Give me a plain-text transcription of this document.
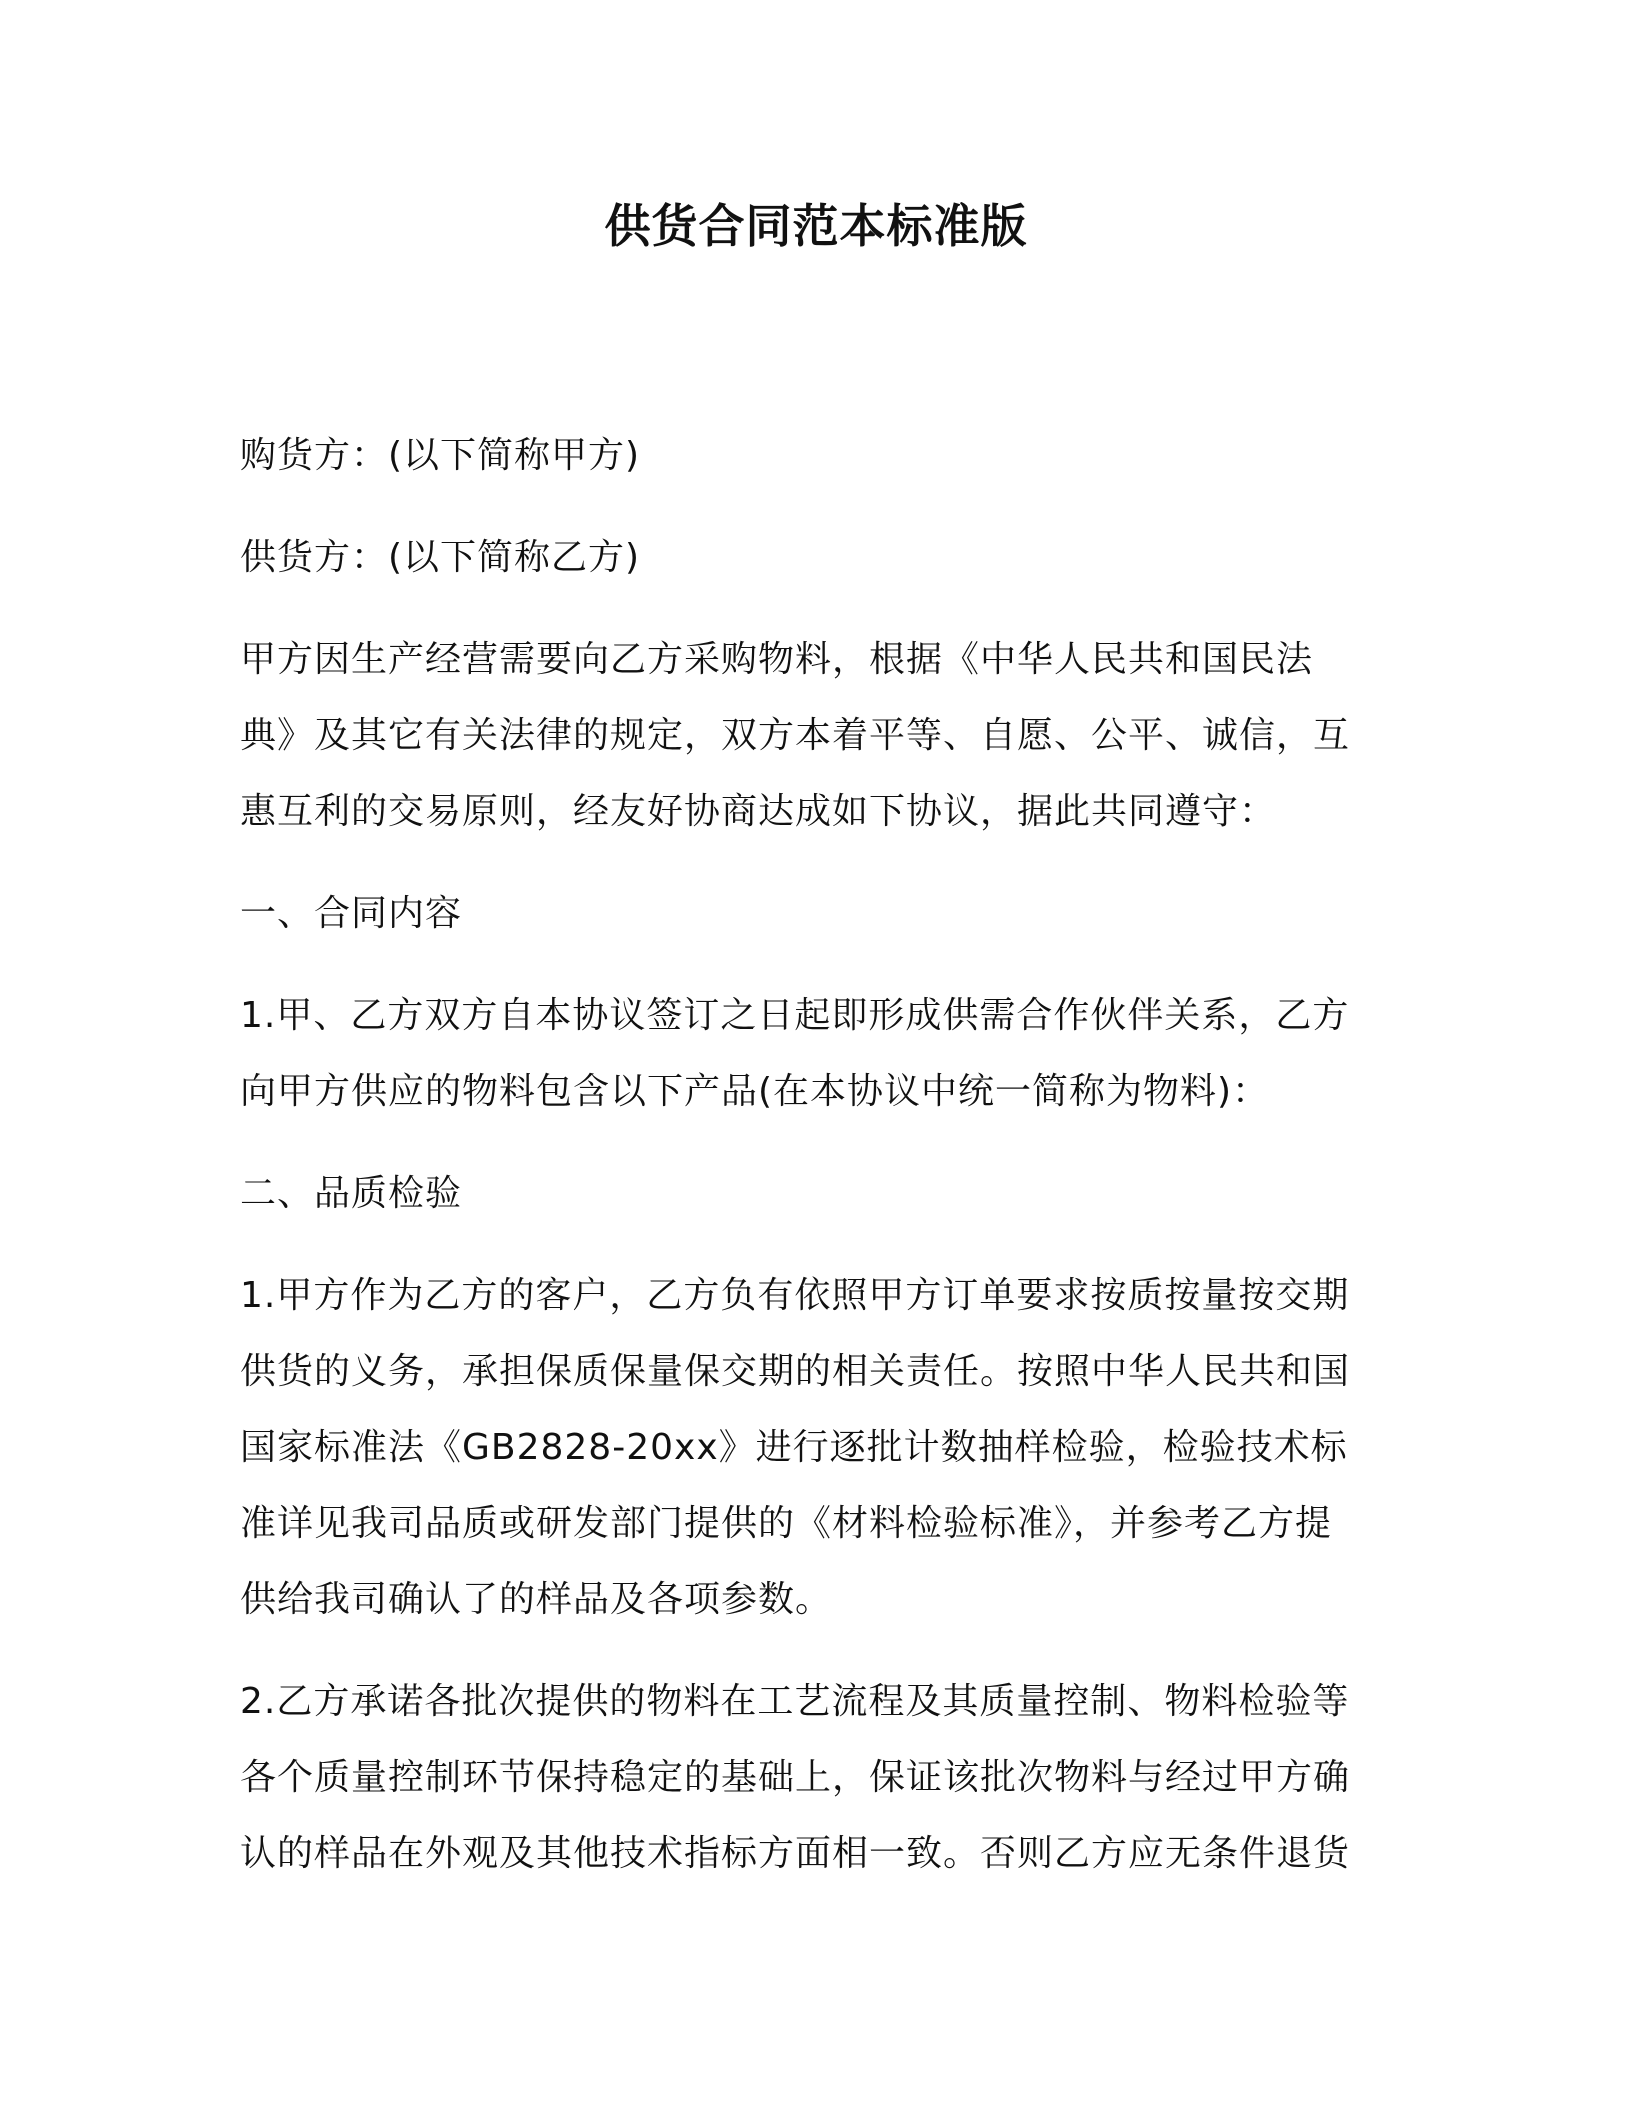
供货合同范本标准版

购货方：(以下简称甲方)

供货方：(以下简称乙方)

甲方因生产经营需要向乙方采购物料，根据《中华人民共和国民法典》及其它有关法律的规定，双方本着平等、自愿、公平、诚信，互惠互利的交易原则，经友好协商达成如下协议，据此共同遵守：

一、合同内容

1.甲、乙方双方自本协议签订之日起即形成供需合作伙伴关系，乙方向甲方供应的物料包含以下产品(在本协议中统一简称为物料)：

二、品质检验

1.甲方作为乙方的客户，乙方负有依照甲方订单要求按质按量按交期供货的义务，承担保质保量保交期的相关责任。按照中华人民共和国国家标准法《GB2828-20xx》进行逐批计数抽样检验，检验技术标准详见我司品质或研发部门提供的《材料检验标准》，并参考乙方提供给我司确认了的样品及各项参数。

2.乙方承诺各批次提供的物料在工艺流程及其质量控制、物料检验等各个质量控制环节保持稳定的基础上，保证该批次物料与经过甲方确认的样品在外观及其他技术指标方面相一致。否则乙方应无条件退货
